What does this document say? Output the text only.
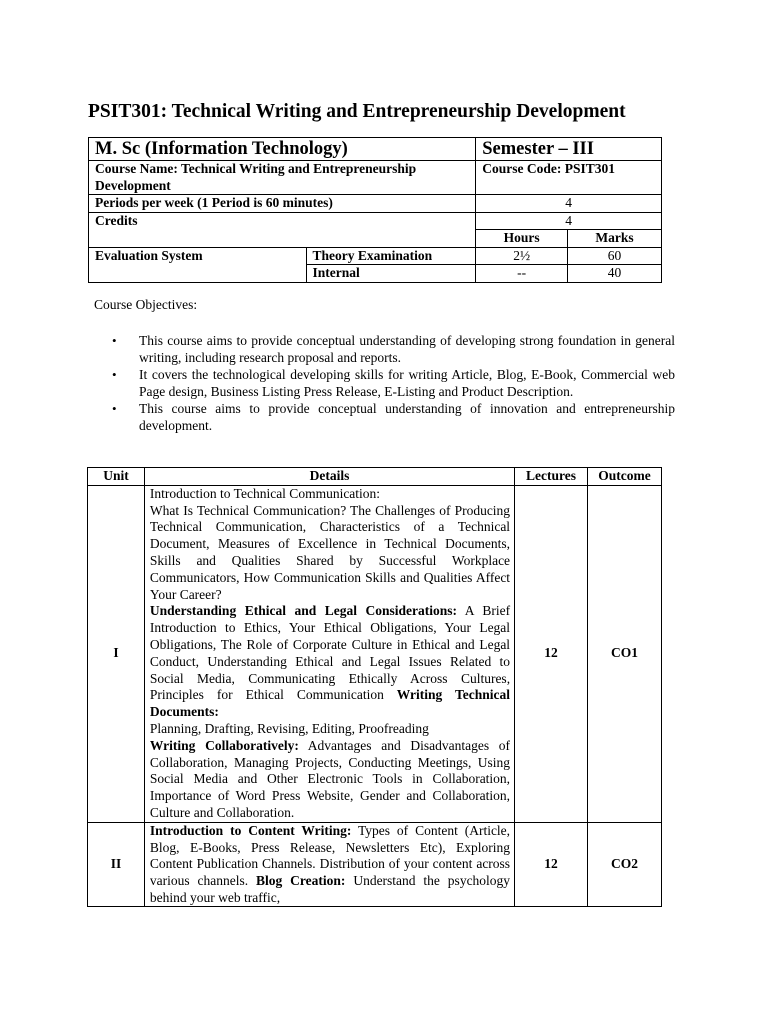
PSIT301: Technical Writing and Entrepreneurship Development
M. Sc (Information Technology)		Semester – III	
Course Name: Technical Writing and Entrepreneurship Development		Course Code: PSIT301	
Periods per week (1 Period is 60 minutes)		4	
Credits		4	
		Hours	Marks
Evaluation System	Theory Examination	2½	60
	Internal	--	40
Course Objectives:
• This course aims to provide conceptual understanding of developing strong foundation in general writing, including research proposal and reports.
• It covers the technological developing skills for writing Article, Blog, E-Book, Commercial web Page design, Business Listing Press Release, E-Listing and Product Description.
• This course aims to provide conceptual understanding of innovation and entrepreneurship development.
Unit	Details	Lectures	Outcome
I	Introduction to Technical Communication:
What Is Technical Communication? The Challenges of Producing Technical Communication, Characteristics of a Technical Document, Measures of Excellence in Technical Documents, Skills and Qualities Shared by Successful Workplace Communicators, How Communication Skills and Qualities Affect Your Career?
Understanding Ethical and Legal Considerations: A Brief Introduction to Ethics, Your Ethical Obligations, Your Legal Obligations, The Role of Corporate Culture in Ethical and Legal Conduct, Understanding Ethical and Legal Issues Related to Social Media, Communicating Ethically Across Cultures, Principles for Ethical Communication Writing Technical Documents:
Planning, Drafting, Revising, Editing, Proofreading
Writing Collaboratively: Advantages and Disadvantages of Collaboration, Managing Projects, Conducting Meetings, Using Social Media and Other Electronic Tools in Collaboration, Importance of Word Press Website, Gender and Collaboration, Culture and Collaboration.	12	CO1
II	Introduction to Content Writing: Types of Content (Article, Blog, E-Books, Press Release, Newsletters Etc), Exploring Content Publication Channels. Distribution of your content across various channels. Blog Creation: Understand the psychology behind your web traffic,	12	CO2
